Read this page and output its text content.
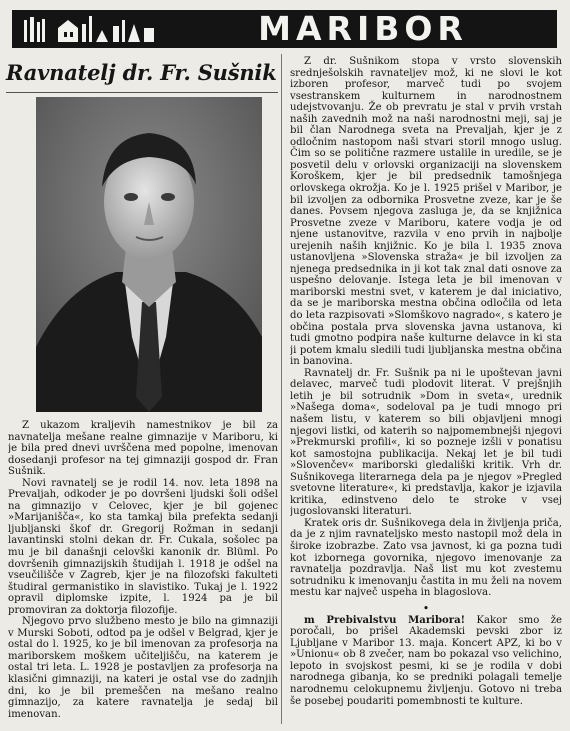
MARIBOR
Ravnatelj dr. Fr. Sušnik

Z ukazom kraljevih namestnikov je bil za navnatelja mešane realne gimnazije v Mariboru, ki je bila pred dnevi uvrščena med popolne, imenovan dosedanji profesor na tej gimnaziji gospod dr. Fran Sušnik.

Novi ravnatelj se je rodil 14. nov. leta 1898 na Prevaljah, odkoder je po dovršeni ljudski šoli odšel na gimnazijo v Celovec, kjer je bil gojenec »Marijanišča«, ko sta tamkaj bila prefekta sedanji ljubljanski škof dr. Gregorij Rožman in sedanji lavantinski stolni dekan dr. Fr. Cukala, sošolec pa mu je bil današnji celovški kanonik dr. Blüml. Po dovršenih gimnazijskih študijah l. 1918 je odšel na vseučilišče v Zagreb, kjer je na filozofski fakulteti študiral germanistiko in slavistiko. Tukaj je l. 1922 opravil diplomske izpite, l. 1924 pa je bil promoviran za doktorja filozofije.

Njegovo prvo službeno mesto je bilo na gimnaziji v Murski Soboti, odtod pa je odšel v Belgrad, kjer je ostal do l. 1925, ko je bil imenovan za profesorja na mariborskem moškem učiteljišču, na katerem je ostal tri leta. L. 1928 je postavljen za profesorja na klasični gimnaziji, na kateri je ostal vse do zadnjih dni, ko je bil premeščen na mešano realno gimnazijo, za katere ravnatelja je sedaj bil imenovan.

Z dr. Sušnikom stopa v vrsto slovenskih srednješolskih ravnateljev mož, ki ne slovi le kot izboren profesor, marveč tudi po svojem vsestranskem kulturnem in narodnostnem udejstvovanju. Že ob prevratu je stal v prvih vrstah naših zavednih mož na naši narodnostni meji, saj je bil član Narodnega sveta na Prevaljah, kjer je z odločnim nastopom naši stvari storil mnogo uslug. Čim so se politične razmere ustalile in uredile, se je posvetil delu v orlovski organizaciji na slovenskem Koroškem, kjer je bil predsednik tamošnjega orlovskega okrožja. Ko je l. 1925 prišel v Maribor, je bil izvoljen za odbornika Prosvetne zveze, kar je še danes. Povsem njegova zasluga je, da se knjižnica Prosvetne zveze v Mariboru, katere vodja je od njene ustanovitve, razvila v eno prvih in najbolje urejenih naših knjižnic. Ko je bila l. 1935 znova ustanovljena »Slovenska straža« je bil izvoljen za njenega predsednika in ji kot tak znal dati osnove za uspešno delovanje. Istega leta je bil imenovan v mariborski mestni svet, v katerem je dal iniciativo, da se je mariborska mestna občina odločila od leta do leta razpisovati »Slomškovo nagrado«, s katero je občina postala prva slovenska javna ustanova, ki tudi gmotno podpira naše kulturne delavce in ki sta ji potem kmalu sledili tudi ljubljanska mestna občina in banovina.

Ravnatelj dr. Fr. Sušnik pa ni le upoštevan javni delavec, marveč tudi plodovit literat. V prejšnjih letih je bil sotrudnik »Dom in sveta«, urednik »Našega doma«, sodeloval pa je tudi mnogo pri našem listu, v katerem so bili objavljeni mnogi njegovi listki, od katerih so najpomembnejši njegovi »Prekmurski profili«, ki so pozneje izšli v ponatisu kot samostojna publikacija. Nekaj let je bil tudi »Slovenčev« mariborski gledališki kritik. Vrh dr. Sušnikovega literarnega dela pa je njegov »Pregled svetovne literature«, ki predstavlja, kakor je izjavila kritika, edinstveno delo te stroke v vsej jugoslovanski literaturi.

Kratek oris dr. Sušnikovega dela in življenja priča, da je z njim ravnateljsko mesto nastopil mož dela in široke izobrazbe. Zato vsa javnost, ki ga pozna tudi kot izbornega govornika, njegovo imenovanje za ravnatelja pozdravlja. Naš list mu kot zvestemu sotrudniku k imenovanju častita in mu želi na novem mestu kar največ uspeha in blagoslova.

•

m Prebivalstvu Maribora! Kakor smo že poročali, bo prišel Akademski pevski zbor iz Ljubljane v Maribor 13. maja. Koncert APZ, ki bo v »Unionu« ob 8 zvečer, nam bo pokazal vso velichino, lepoto in svojskost pesmi, ki se je rodila v dobi narodnega gibanja, ko se predniki polagali temelje narodnemu celokupnemu življenju. Gotovo ni treba še posebej poudariti pomembnosti te kulture.
